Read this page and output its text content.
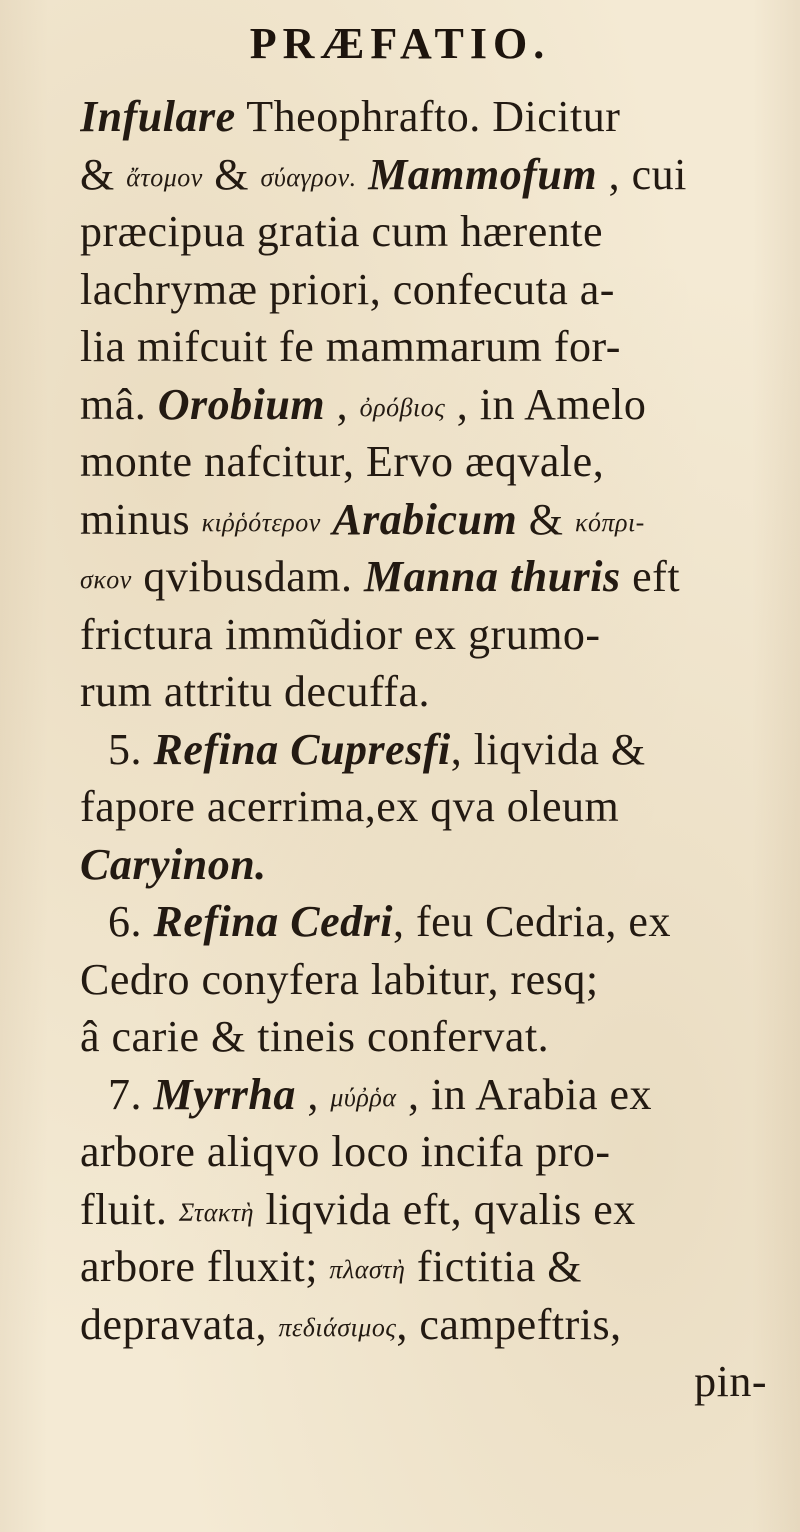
PRÆFATIO.
Infulare Theophrafto. Dicitur
& ἄτομον & σύαγρον. Mammofum , cui
præcipua gratia cum hærente
lachrymæ priori, confecuta a-
lia mifcuit fe mammarum for-
mâ. Orobium , ὀρόβιος , in Amelo
monte nafcitur, Ervo æqvale,
minus κιῤῥότερον Arabicum & κόπρι-
σκον qvibusdam. Manna thuris eft
frictura immũdior ex grumo-
rum attritu decuffa.
5. Refina Cupresfi, liqvida &
fapore acerrima,ex qva oleum
Caryinon.
6. Refina Cedri, feu Cedria, ex
Cedro conyfera labitur, resq;
â carie & tineis confervat.
7. Myrrha , μύῤῥα , in Arabia ex
arbore aliqvo loco incifa pro-
fluit. Στακτὴ liqvida eft, qvalis ex
arbore fluxit; πλαστὴ fictitia &
depravata, πεδιάσιμος, campeftris,
pin-
